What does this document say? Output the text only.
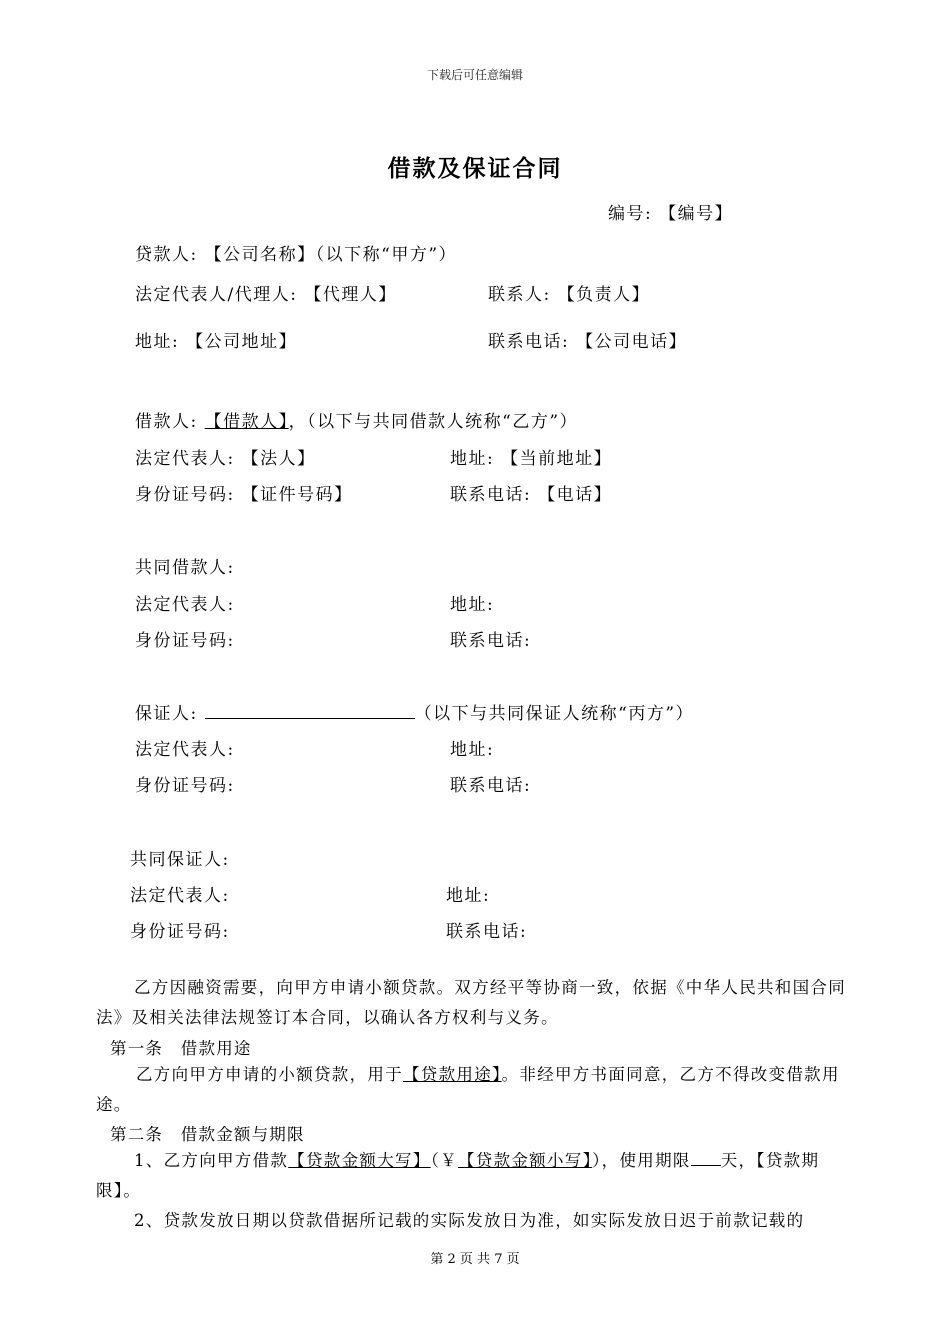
下载后可任意编辑
借款及保证合同
编号: 【编号】
贷款人: 【公司名称】（以下称“甲方”）
法定代表人/代理人: 【代理人】	联系人: 【负责人】
地址: 【公司地址】	联系电话: 【公司电话】
借款人: 【借款人】，（以下与共同借款人统称“乙方”）
法定代表人: 【法人】	地址: 【当前地址】
身份证号码: 【证件号码】	联系电话: 【电话】
共同借款人:
法定代表人:	地址:
身份证号码:	联系电话:
保证人:	（以下与共同保证人统称“丙方”）
法定代表人:	地址:
身份证号码:	联系电话:
共同保证人:
法定代表人:	地址:
身份证号码:	联系电话:
乙方因融资需要，向甲方申请小额贷款。双方经平等协商一致，依据《中华人民共和国合同法》及相关法律法规签订本合同，以确认各方权利与义务。
第一条　借款用途
乙方向甲方申请的小额贷款，用于【贷款用途】。非经甲方书面同意，乙方不得改变借款用途。
第二条　借款金额与期限
1、乙方向甲方借款【贷款金额大写】（￥【贷款金额小写】），使用期限 天，【贷款期限】。
2、贷款发放日期以贷款借据所记载的实际发放日为准，如实际发放日迟于前款记载的
第 2 页 共 7 页
